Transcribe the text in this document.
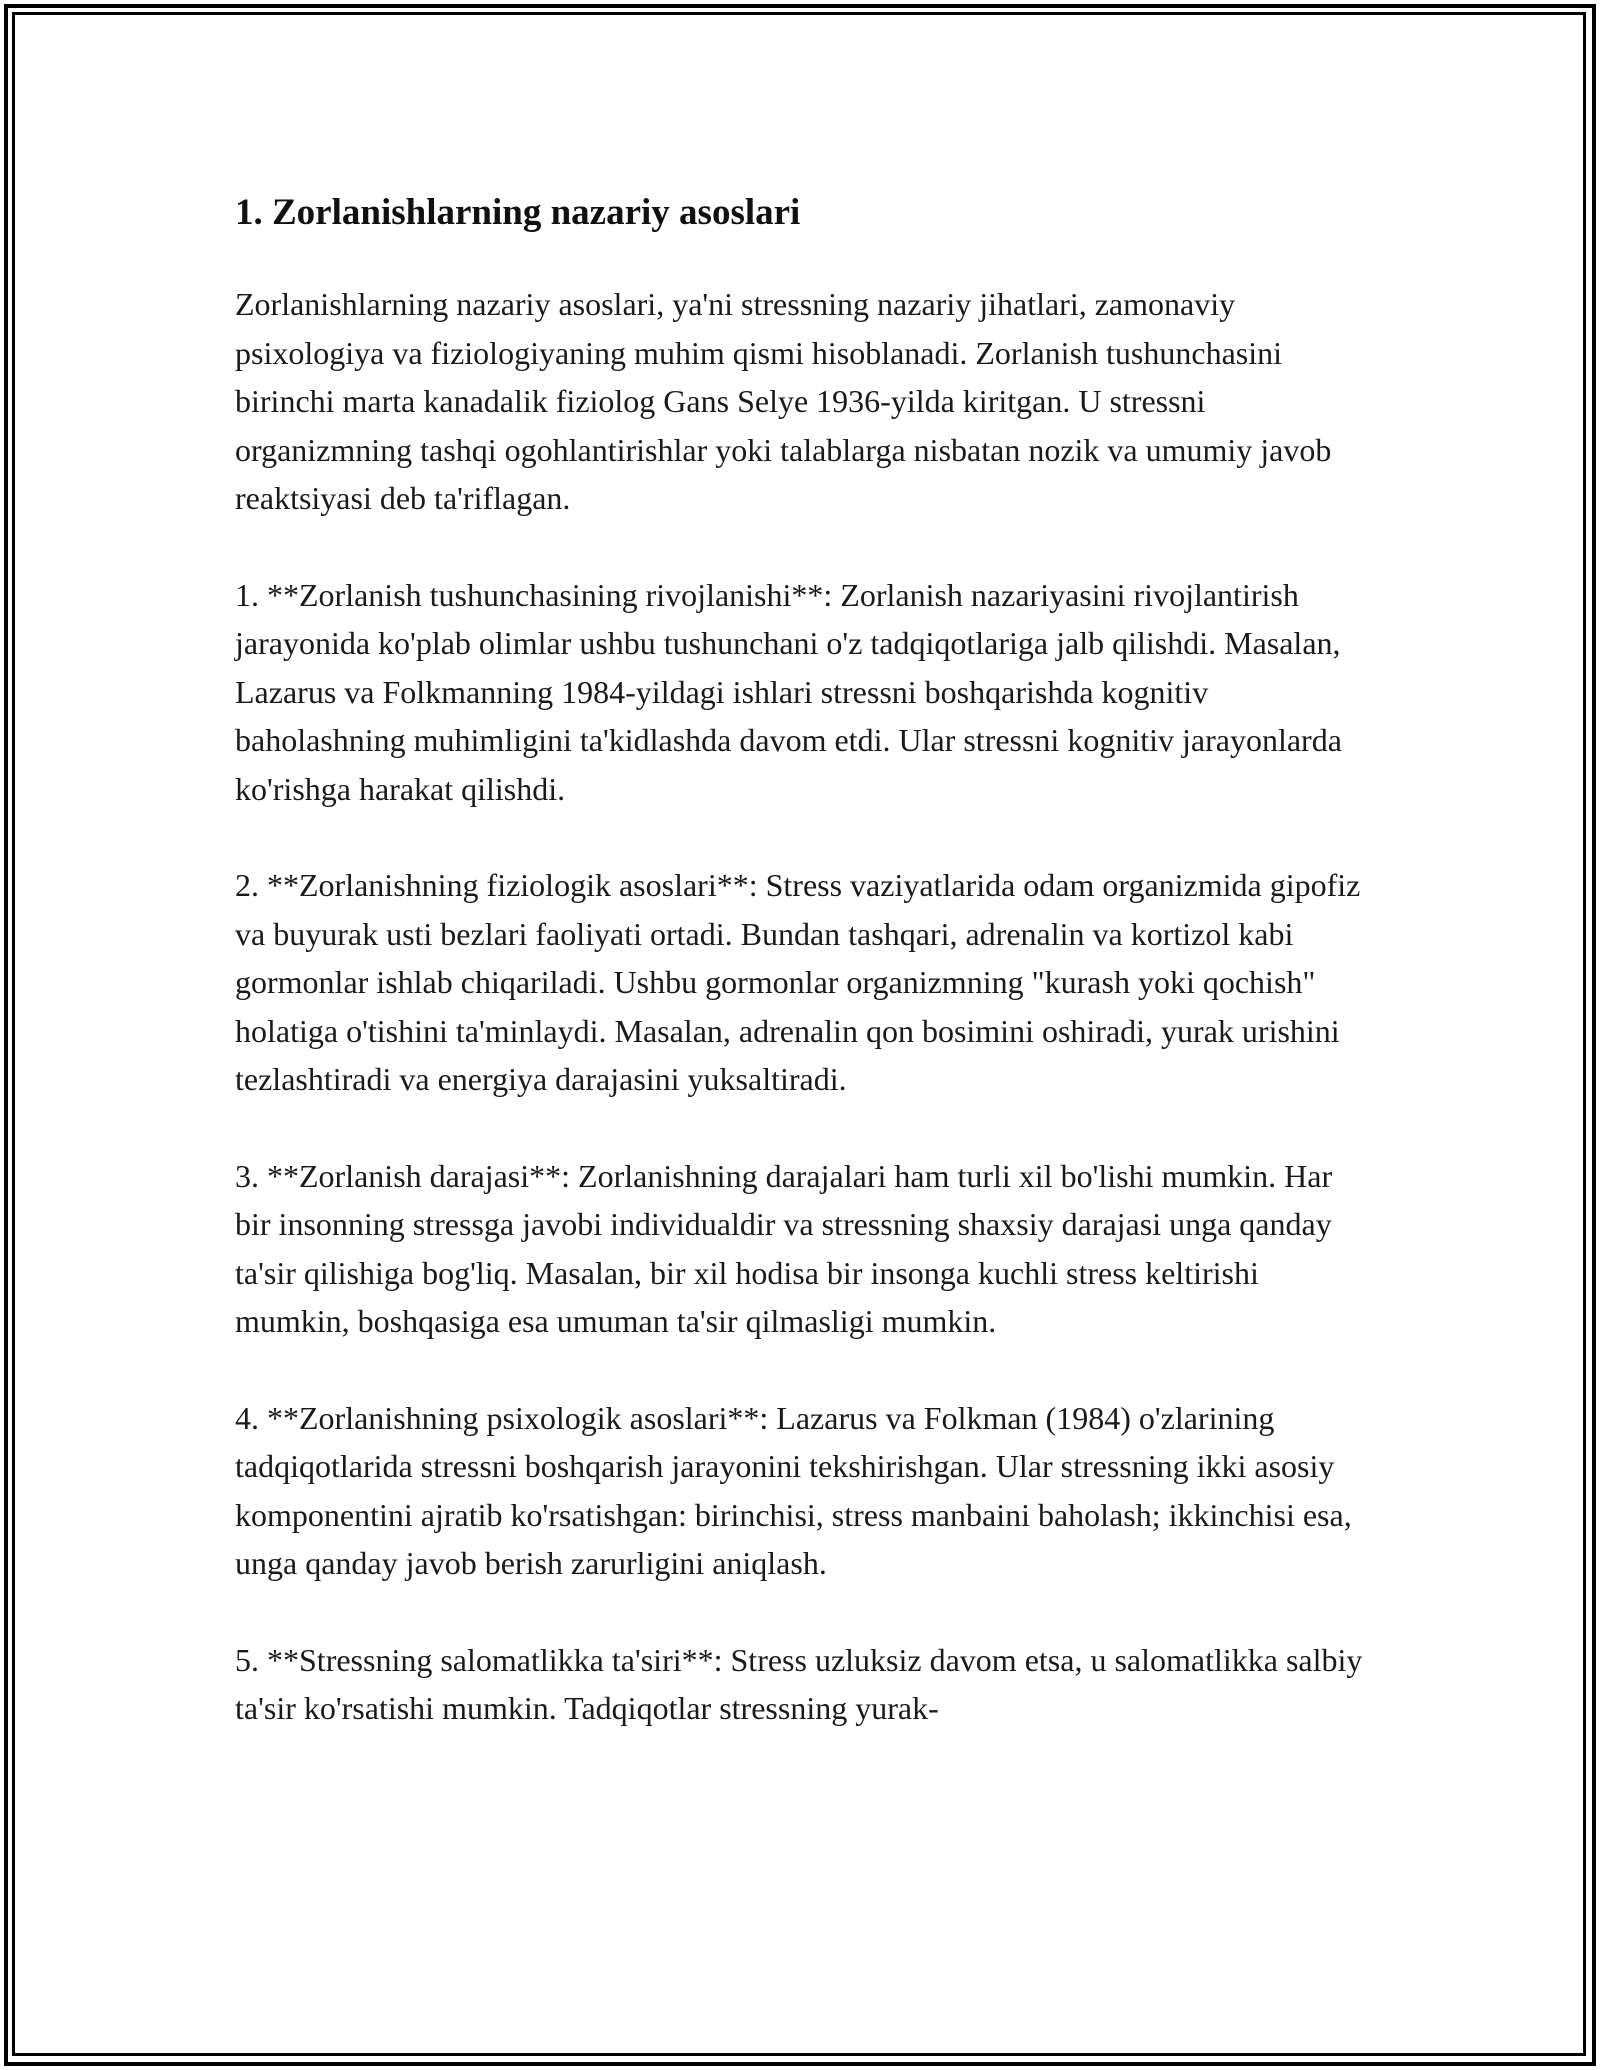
1. Zorlanishlarning nazariy asoslari

Zorlanishlarning nazariy asoslari, ya'ni stressning nazariy jihatlari, zamonaviy psixologiya va fiziologiyaning muhim qismi hisoblanadi. Zorlanish tushunchasini birinchi marta kanadalik fiziolog Gans Selye 1936-yilda kiritgan. U stressni organizmning tashqi ogohlantirishlar yoki talablarga nisbatan nozik va umumiy javob reaktsiyasi deb ta'riflagan.

1. **Zorlanish tushunchasining rivojlanishi**: Zorlanish nazariyasini rivojlantirish jarayonida ko'plab olimlar ushbu tushunchani o'z tadqiqotlariga jalb qilishdi. Masalan, Lazarus va Folkmanning 1984-yildagi ishlari stressni boshqarishda kognitiv baholashning muhimligini ta'kidlashda davom etdi. Ular stressni kognitiv jarayonlarda ko'rishga harakat qilishdi.

2. **Zorlanishning fiziologik asoslari**: Stress vaziyatlarida odam organizmida gipofiz va buyurak usti bezlari faoliyati ortadi. Bundan tashqari, adrenalin va kortizol kabi gormonlar ishlab chiqariladi. Ushbu gormonlar organizmning "kurash yoki qochish" holatiga o'tishini ta'minlaydi. Masalan, adrenalin qon bosimini oshiradi, yurak urishini tezlashtiradi va energiya darajasini yuksaltiradi.

3. **Zorlanish darajasi**: Zorlanishning darajalari ham turli xil bo'lishi mumkin. Har bir insonning stressga javobi individualdir va stressning shaxsiy darajasi unga qanday ta'sir qilishiga bog'liq. Masalan, bir xil hodisa bir insonga kuchli stress keltirishi mumkin, boshqasiga esa umuman ta'sir qilmasligi mumkin.

4. **Zorlanishning psixologik asoslari**: Lazarus va Folkman (1984) o'zlarining tadqiqotlarida stressni boshqarish jarayonini tekshirishgan. Ular stressning ikki asosiy komponentini ajratib ko'rsatishgan: birinchisi, stress manbaini baholash; ikkinchisi esa, unga qanday javob berish zarurligini aniqlash.

5. **Stressning salomatlikka ta'siri**: Stress uzluksiz davom etsa, u salomatlikka salbiy ta'sir ko'rsatishi mumkin. Tadqiqotlar stressning yurak-
